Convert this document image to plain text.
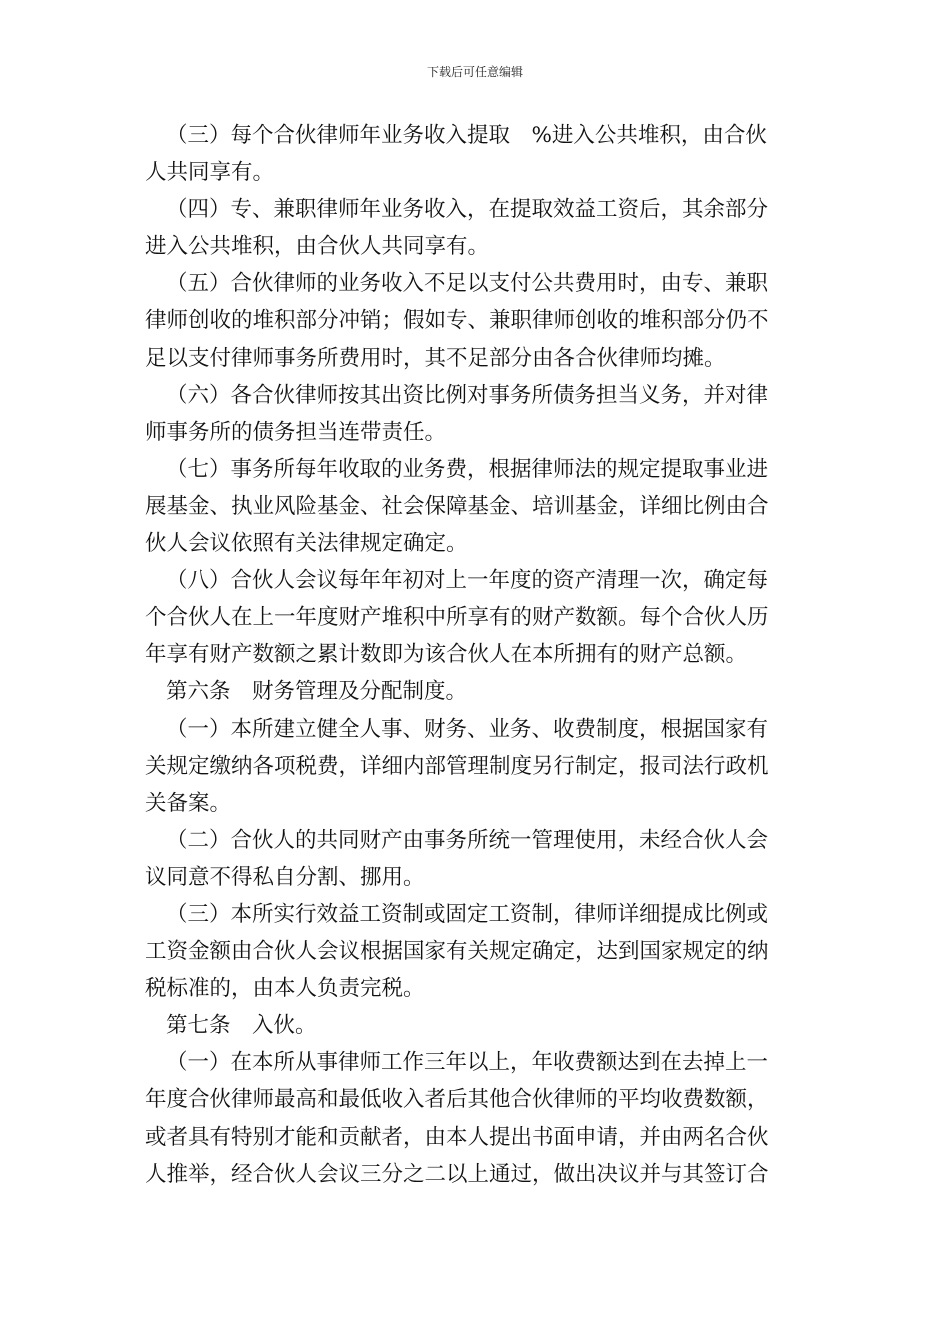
下载后可任意编辑
（三）每个合伙律师年业务收入提取　%进入公共堆积，由合伙
人共同享有。
（四）专、兼职律师年业务收入，在提取效益工资后，其余部分
进入公共堆积，由合伙人共同享有。
（五）合伙律师的业务收入不足以支付公共费用时，由专、兼职
律师创收的堆积部分冲销；假如专、兼职律师创收的堆积部分仍不
足以支付律师事务所费用时，其不足部分由各合伙律师均摊。
（六）各合伙律师按其出资比例对事务所债务担当义务，并对律
师事务所的债务担当连带责任。
（七）事务所每年收取的业务费，根据律师法的规定提取事业进
展基金、执业风险基金、社会保障基金、培训基金，详细比例由合
伙人会议依照有关法律规定确定。
（八）合伙人会议每年年初对上一年度的资产清理一次，确定每
个合伙人在上一年度财产堆积中所享有的财产数额。每个合伙人历
年享有财产数额之累计数即为该合伙人在本所拥有的财产总额。
第六条　财务管理及分配制度。
（一）本所建立健全人事、财务、业务、收费制度，根据国家有
关规定缴纳各项税费，详细内部管理制度另行制定，报司法行政机
关备案。
（二）合伙人的共同财产由事务所统一管理使用，未经合伙人会
议同意不得私自分割、挪用。
（三）本所实行效益工资制或固定工资制，律师详细提成比例或
工资金额由合伙人会议根据国家有关规定确定，达到国家规定的纳
税标准的，由本人负责完税。
第七条　入伙。
（一）在本所从事律师工作三年以上，年收费额达到在去掉上一
年度合伙律师最高和最低收入者后其他合伙律师的平均收费数额，
或者具有特别才能和贡献者，由本人提出书面申请，并由两名合伙
人推举，经合伙人会议三分之二以上通过，做出决议并与其签订合
